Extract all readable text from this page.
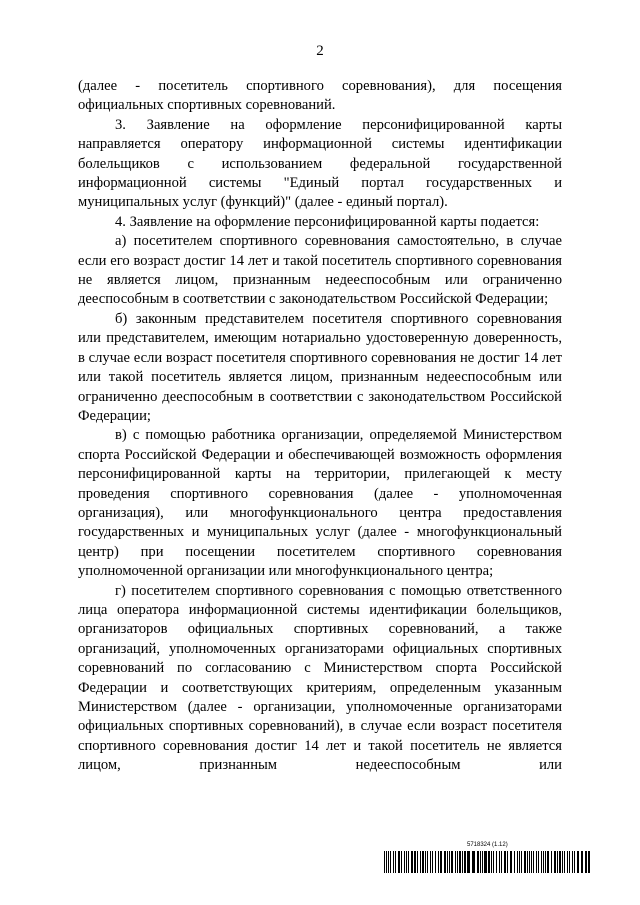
2

(далее - посетитель спортивного соревнования), для посещения официальных спортивных соревнований.

3. Заявление на оформление персонифицированной карты направляется оператору информационной системы идентификации болельщиков с использованием федеральной государственной информационной системы "Единый портал государственных и муниципальных услуг (функций)" (далее - единый портал).

4. Заявление на оформление персонифицированной карты подается:

а) посетителем спортивного соревнования самостоятельно, в случае если его возраст достиг 14 лет и такой посетитель спортивного соревнования не является лицом, признанным недееспособным или ограниченно дееспособным в соответствии с законодательством Российской Федерации;

б) законным представителем посетителя спортивного соревнования или представителем, имеющим нотариально удостоверенную доверенность, в случае если возраст посетителя спортивного соревнования не достиг 14 лет или такой посетитель является лицом, признанным недееспособным или ограниченно дееспособным в соответствии с законодательством Российской Федерации;

в) с помощью работника организации, определяемой Министерством спорта Российской Федерации и обеспечивающей возможность оформления персонифицированной карты на территории, прилегающей к месту проведения спортивного соревнования (далее - уполномоченная организация), или многофункционального центра предоставления государственных и муниципальных услуг (далее - многофункциональный центр) при посещении посетителем спортивного соревнования уполномоченной организации или многофункционального центра;

г) посетителем спортивного соревнования с помощью ответственного лица оператора информационной системы идентификации болельщиков, организаторов официальных спортивных соревнований, а также организаций, уполномоченных организаторами официальных спортивных соревнований по согласованию с Министерством спорта Российской Федерации и соответствующих критериям, определенным указанным Министерством (далее - организации, уполномоченные организаторами официальных спортивных соревнований), в случае если возраст посетителя спортивного соревнования достиг 14 лет и такой посетитель не является лицом, признанным недееспособным или

5718324 (1.12)
